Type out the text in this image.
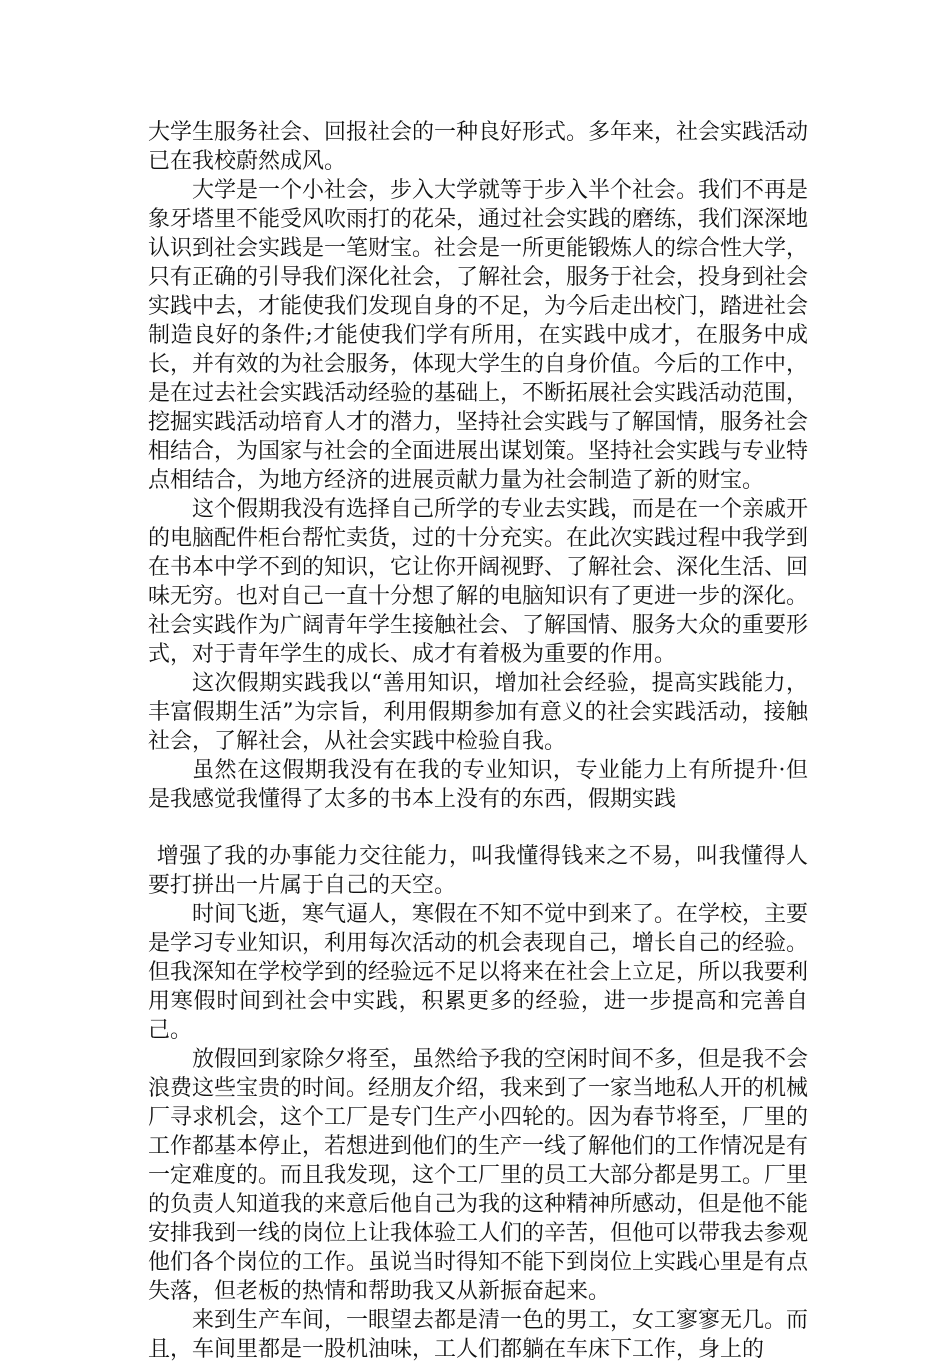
大学生服务社会、回报社会的一种良好形式。多年来，社会实践活动已在我校蔚然成风。

大学是一个小社会，步入大学就等于步入半个社会。我们不再是象牙塔里不能受风吹雨打的花朵，通过社会实践的磨练，我们深深地认识到社会实践是一笔财宝。社会是一所更能锻炼人的综合性大学，只有正确的引导我们深化社会，了解社会，服务于社会，投身到社会实践中去，才能使我们发现自身的不足，为今后走出校门，踏进社会制造良好的条件;才能使我们学有所用，在实践中成才，在服务中成长，并有效的为社会服务，体现大学生的自身价值。今后的工作中，是在过去社会实践活动经验的基础上，不断拓展社会实践活动范围，挖掘实践活动培育人才的潜力，坚持社会实践与了解国情，服务社会相结合，为国家与社会的全面进展出谋划策。坚持社会实践与专业特点相结合，为地方经济的进展贡献力量为社会制造了新的财宝。

这个假期我没有选择自己所学的专业去实践，而是在一个亲戚开的电脑配件柜台帮忙卖货，过的十分充实。在此次实践过程中我学到在书本中学不到的知识，它让你开阔视野、了解社会、深化生活、回味无穷。也对自己一直十分想了解的电脑知识有了更进一步的深化。社会实践作为广阔青年学生接触社会、了解国情、服务大众的重要形式，对于青年学生的成长、成才有着极为重要的作用。

这次假期实践我以“善用知识，增加社会经验，提高实践能力，丰富假期生活”为宗旨，利用假期参加有意义的社会实践活动，接触社会，了解社会，从社会实践中检验自我。

虽然在这假期我没有在我的专业知识，专业能力上有所提升·但是我感觉我懂得了太多的书本上没有的东西，假期实践

增强了我的办事能力交往能力，叫我懂得钱来之不易，叫我懂得人要打拼出一片属于自己的天空。

时间飞逝，寒气逼人，寒假在不知不觉中到来了。在学校，主要是学习专业知识，利用每次活动的机会表现自己，增长自己的经验。但我深知在学校学到的经验远不足以将来在社会上立足，所以我要利用寒假时间到社会中实践，积累更多的经验，进一步提高和完善自己。

放假回到家除夕将至，虽然给予我的空闲时间不多，但是我不会浪费这些宝贵的时间。经朋友介绍，我来到了一家当地私人开的机械厂寻求机会，这个工厂是专门生产小四轮的。因为春节将至，厂里的工作都基本停止，若想进到他们的生产一线了解他们的工作情况是有一定难度的。而且我发现，这个工厂里的员工大部分都是男工。厂里的负责人知道我的来意后他自己为我的这种精神所感动，但是他不能安排我到一线的岗位上让我体验工人们的辛苦，但他可以带我去参观他们各个岗位的工作。虽说当时得知不能下到岗位上实践心里是有点失落，但老板的热情和帮助我又从新振奋起来。

来到生产车间，一眼望去都是清一色的男工，女工寥寥无几。而且，车间里都是一股机油味，工人们都躺在车床下工作，身上的
